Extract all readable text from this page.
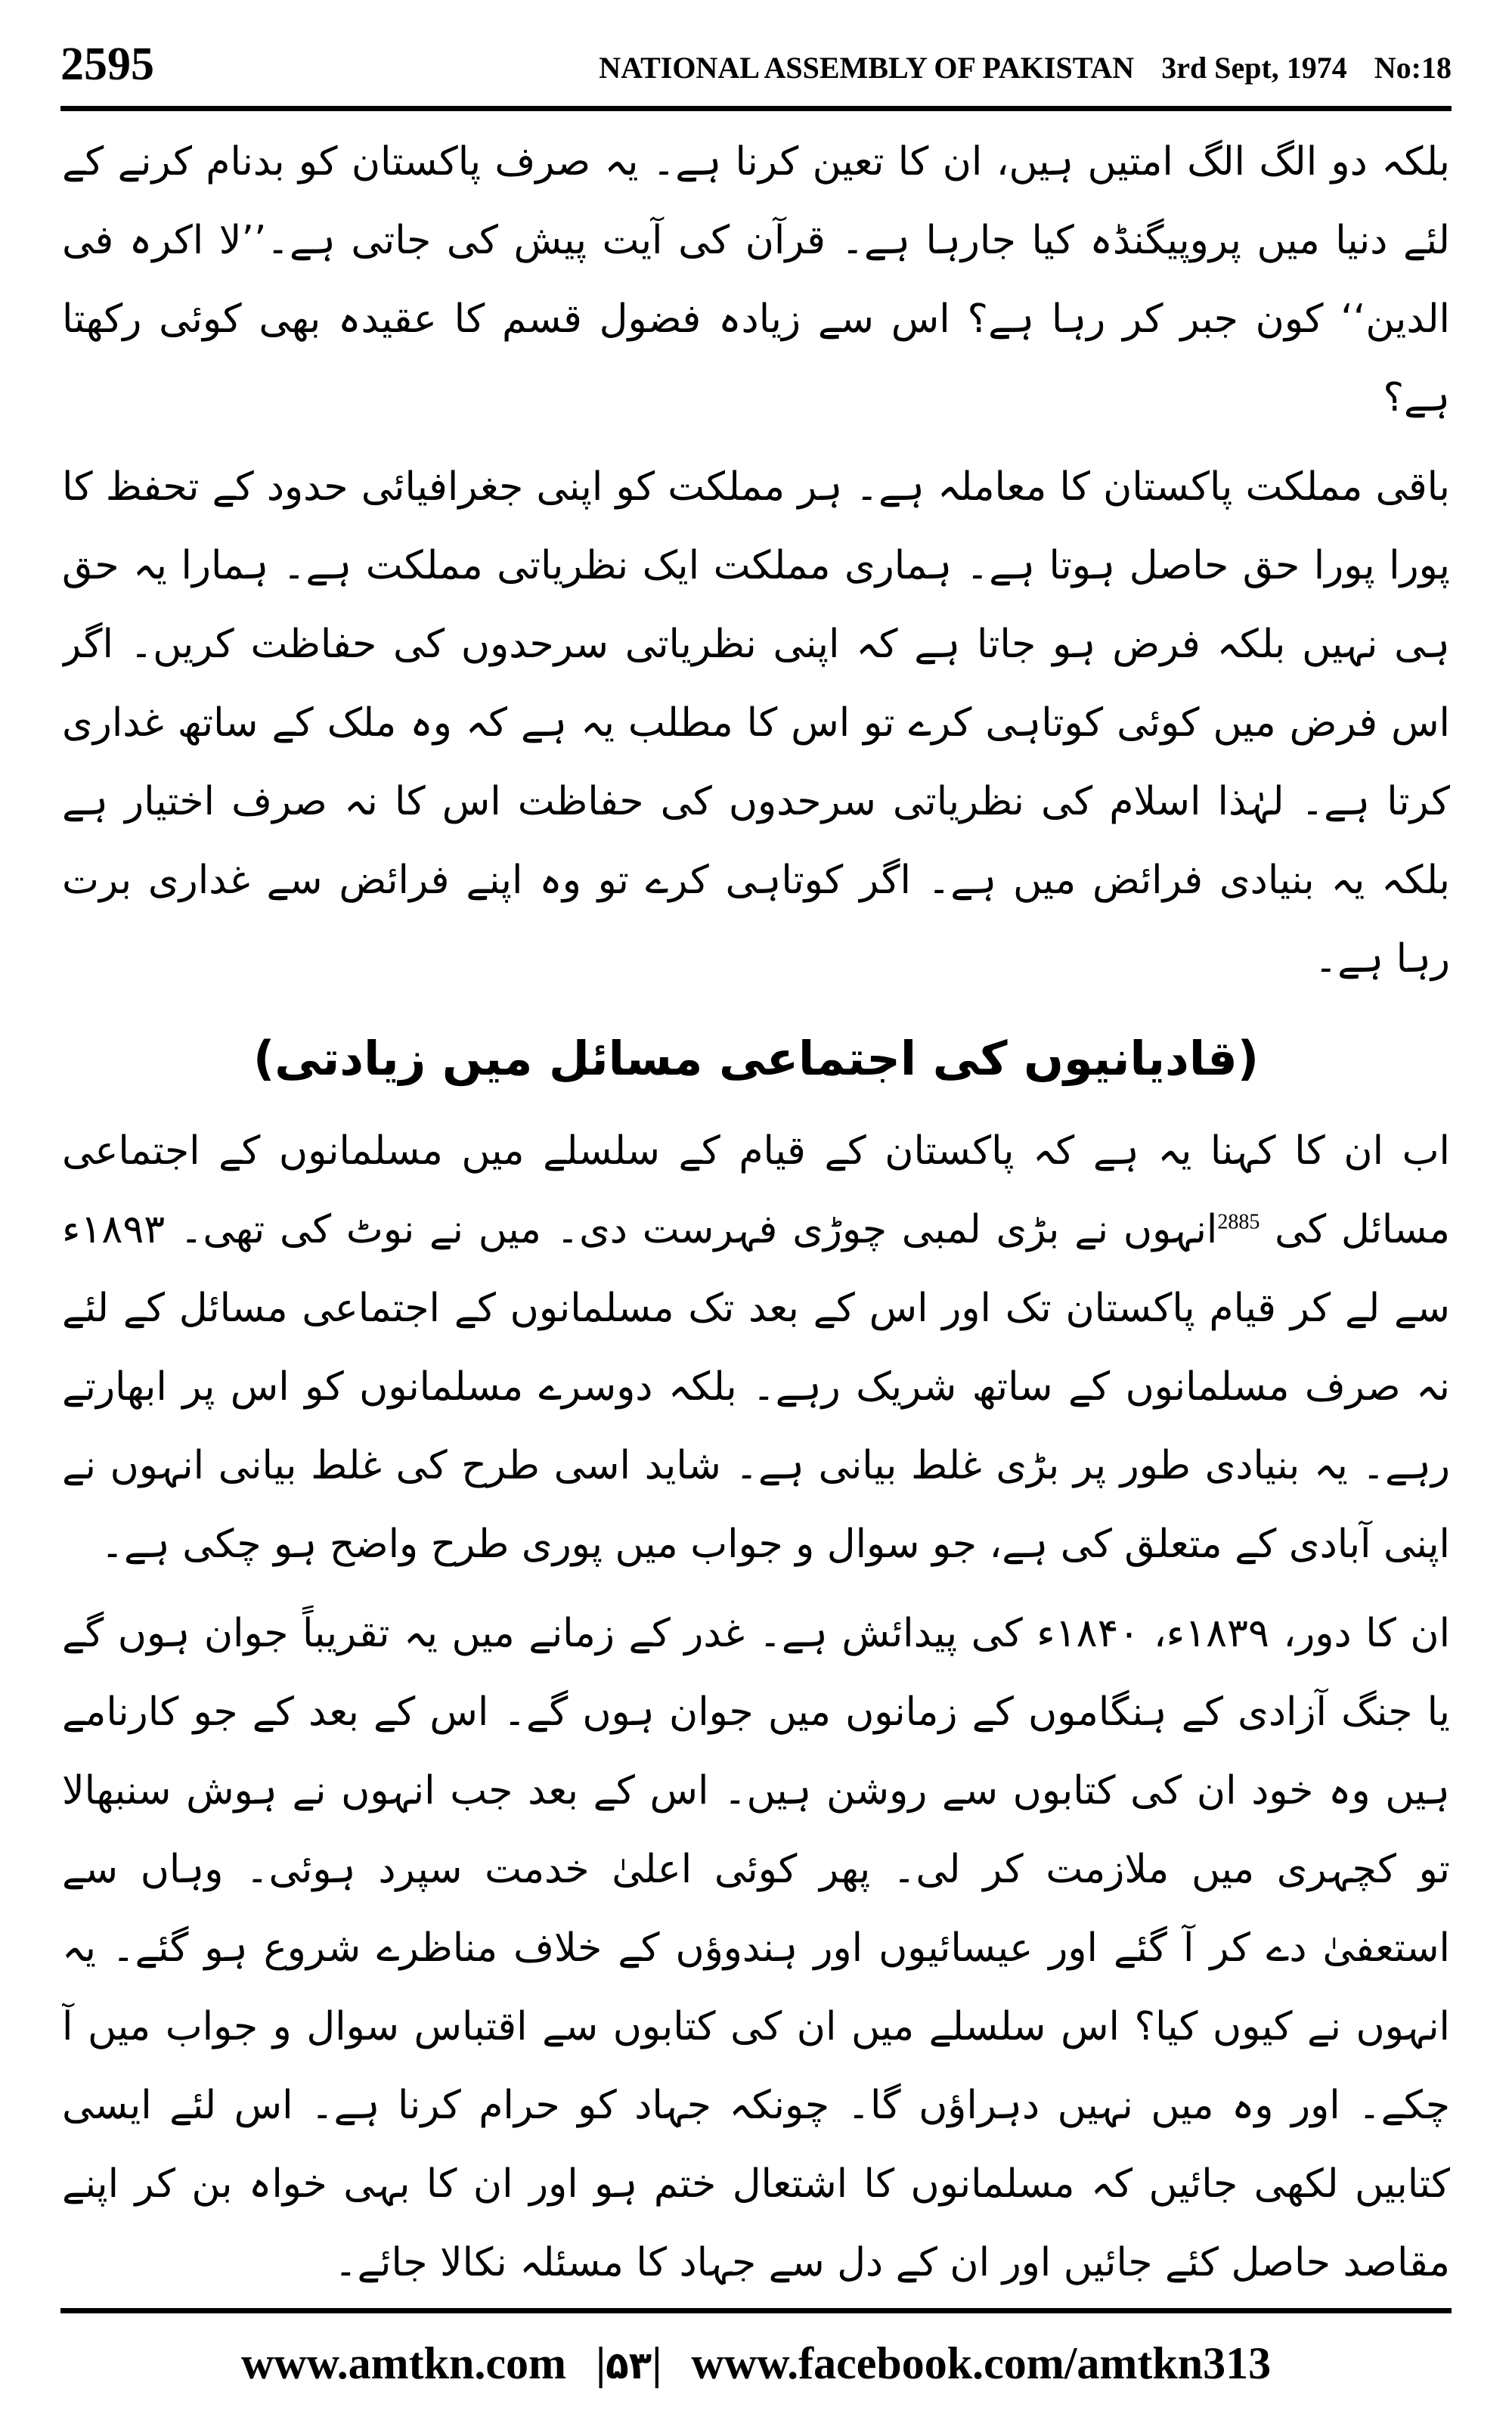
2595	NATIONAL ASSEMBLY OF PAKISTAN 3rd Sept, 1974 No:18

بلکہ دو الگ الگ امتیں ہیں، ان کا تعین کرنا ہے۔ یہ صرف پاکستان کو بدنام کرنے کے لئے دنیا میں پروپیگنڈہ کیا جارہا ہے۔ قرآن کی آیت پیش کی جاتی ہے۔’’لا اکرہ فی الدین‘‘ کون جبر کر رہا ہے؟ اس سے زیادہ فضول قسم کا عقیدہ بھی کوئی رکھتا ہے؟

باقی مملکت پاکستان کا معاملہ ہے۔ ہر مملکت کو اپنی جغرافیائی حدود کے تحفظ کا پورا پورا حق حاصل ہوتا ہے۔ ہماری مملکت ایک نظریاتی مملکت ہے۔ ہمارا یہ حق ہی نہیں بلکہ فرض ہو جاتا ہے کہ اپنی نظریاتی سرحدوں کی حفاظت کریں۔ اگر اس فرض میں کوئی کوتاہی کرے تو اس کا مطلب یہ ہے کہ وہ ملک کے ساتھ غداری کرتا ہے۔ لہٰذا اسلام کی نظریاتی سرحدوں کی حفاظت اس کا نہ صرف اختیار ہے بلکہ یہ بنیادی فرائض میں ہے۔ اگر کوتاہی کرے تو وہ اپنے فرائض سے غداری برت رہا ہے۔

(قادیانیوں کی اجتماعی مسائل میں زیادتی)

اب ان کا کہنا یہ ہے کہ پاکستان کے قیام کے سلسلے میں مسلمانوں کے اجتماعی مسائل کی $^{2885}$انہوں نے بڑی لمبی چوڑی فہرست دی۔ میں نے نوٹ کی تھی۔ ۱۸۹۳ء سے لے کر قیام پاکستان تک اور اس کے بعد تک مسلمانوں کے اجتماعی مسائل کے لئے نہ صرف مسلمانوں کے ساتھ شریک رہے۔ بلکہ دوسرے مسلمانوں کو اس پر ابھارتے رہے۔ یہ بنیادی طور پر بڑی غلط بیانی ہے۔ شاید اسی طرح کی غلط بیانی انہوں نے اپنی آبادی کے متعلق کی ہے، جو سوال و جواب میں پوری طرح واضح ہو چکی ہے۔

ان کا دور، ۱۸۳۹ء، ۱۸۴۰ء کی پیدائش ہے۔ غدر کے زمانے میں یہ تقریباً جوان ہوں گے یا جنگ آزادی کے ہنگاموں کے زمانوں میں جوان ہوں گے۔ اس کے بعد کے جو کارنامے ہیں وہ خود ان کی کتابوں سے روشن ہیں۔ اس کے بعد جب انہوں نے ہوش سنبھالا تو کچہری میں ملازمت کر لی۔ پھر کوئی اعلیٰ خدمت سپرد ہوئی۔ وہاں سے استعفیٰ دے کر آ گئے اور عیسائیوں اور ہندوؤں کے خلاف مناظرے شروع ہو گئے۔ یہ انہوں نے کیوں کیا؟ اس سلسلے میں ان کی کتابوں سے اقتباس سوال و جواب میں آ چکے۔ اور وہ میں نہیں دہراؤں گا۔ چونکہ جہاد کو حرام کرنا ہے۔ اس لئے ایسی کتابیں لکھی جائیں کہ مسلمانوں کا اشتعال ختم ہو اور ان کا بہی خواہ بن کر اپنے مقاصد حاصل کئے جائیں اور ان کے دل سے جہاد کا مسئلہ نکالا جائے۔

www.amtkn.com |۵۳| www.facebook.com/amtkn313
